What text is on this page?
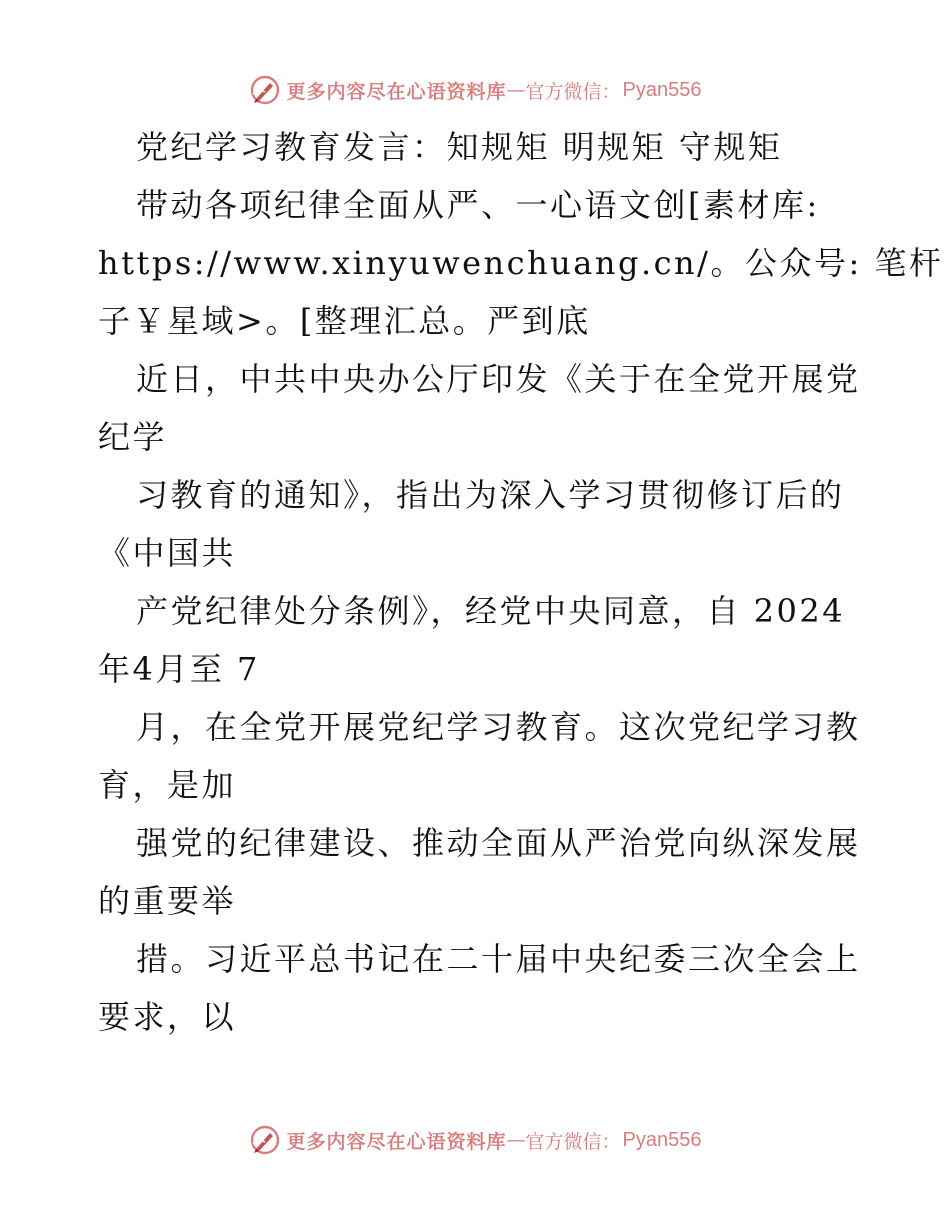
更多内容尽在心语资料库 — 官方微信： Pyan556
党纪学习教育发言：知规矩 明规矩 守规矩
带动各项纪律全面从严、一心语文创[素材库:
https://www.xinyuwenchuang.cn/。公众号: 笔杆
子￥星域>。[整理汇总。严到底
近日，中共中央办公厅印发《关于在全党开展党
纪学
习教育的通知》，指出为深入学习贯彻修订后的
《中国共
产党纪律处分条例》，经党中央同意，自 2024
年4月至 7
月，在全党开展党纪学习教育。这次党纪学习教
育，是加
强党的纪律建设、推动全面从严治党向纵深发展
的重要举
措。习近平总书记在二十届中央纪委三次全会上
要求，以
更多内容尽在心语资料库 — 官方微信： Pyan556
